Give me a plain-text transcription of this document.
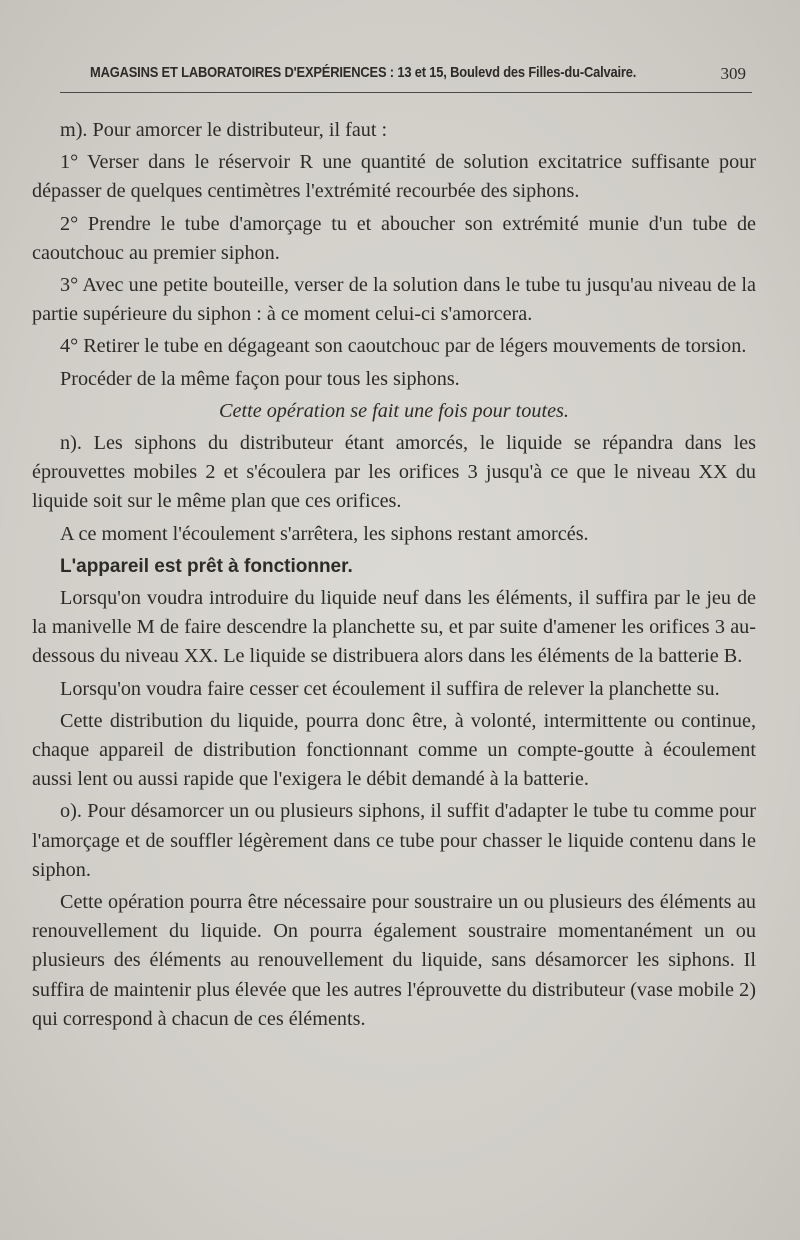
MAGASINS ET LABORATOIRES D'EXPÉRIENCES : 13 et 15, Boulevd des Filles-du-Calvaire.	309

m). Pour amorcer le distributeur, il faut :

1° Verser dans le réservoir R une quantité de solution excitatrice suffisante pour dépasser de quelques centimètres l'extrémité recourbée des siphons.

2° Prendre le tube d'amorçage tu et aboucher son extrémité munie d'un tube de caoutchouc au premier siphon.

3° Avec une petite bouteille, verser de la solution dans le tube tu jusqu'au niveau de la partie supérieure du siphon : à ce moment celui-ci s'amorcera.

4° Retirer le tube en dégageant son caoutchouc par de légers mouvements de torsion.

Procéder de la même façon pour tous les siphons.

Cette opération se fait une fois pour toutes.

n). Les siphons du distributeur étant amorcés, le liquide se répandra dans les éprouvettes mobiles 2 et s'écoulera par les orifices 3 jusqu'à ce que le niveau XX du liquide soit sur le même plan que ces orifices.

A ce moment l'écoulement s'arrêtera, les siphons restant amorcés.

L'appareil est prêt à fonctionner.

Lorsqu'on voudra introduire du liquide neuf dans les éléments, il suffira par le jeu de la manivelle M de faire descendre la planchette su, et par suite d'amener les orifices 3 au-dessous du niveau XX. Le liquide se distribuera alors dans les éléments de la batterie B.

Lorsqu'on voudra faire cesser cet écoulement il suffira de relever la planchette su.

Cette distribution du liquide, pourra donc être, à volonté, intermittente ou continue, chaque appareil de distribution fonctionnant comme un compte-goutte à écoulement aussi lent ou aussi rapide que l'exigera le débit demandé à la batterie.

o). Pour désamorcer un ou plusieurs siphons, il suffit d'adapter le tube tu comme pour l'amorçage et de souffler légèrement dans ce tube pour chasser le liquide contenu dans le siphon.

Cette opération pourra être nécessaire pour soustraire un ou plusieurs des éléments au renouvellement du liquide. On pourra également soustraire momentanément un ou plusieurs des éléments au renouvellement du liquide, sans désamorcer les siphons. Il suffira de maintenir plus élevée que les autres l'éprouvette du distributeur (vase mobile 2) qui correspond à chacun de ces éléments.
